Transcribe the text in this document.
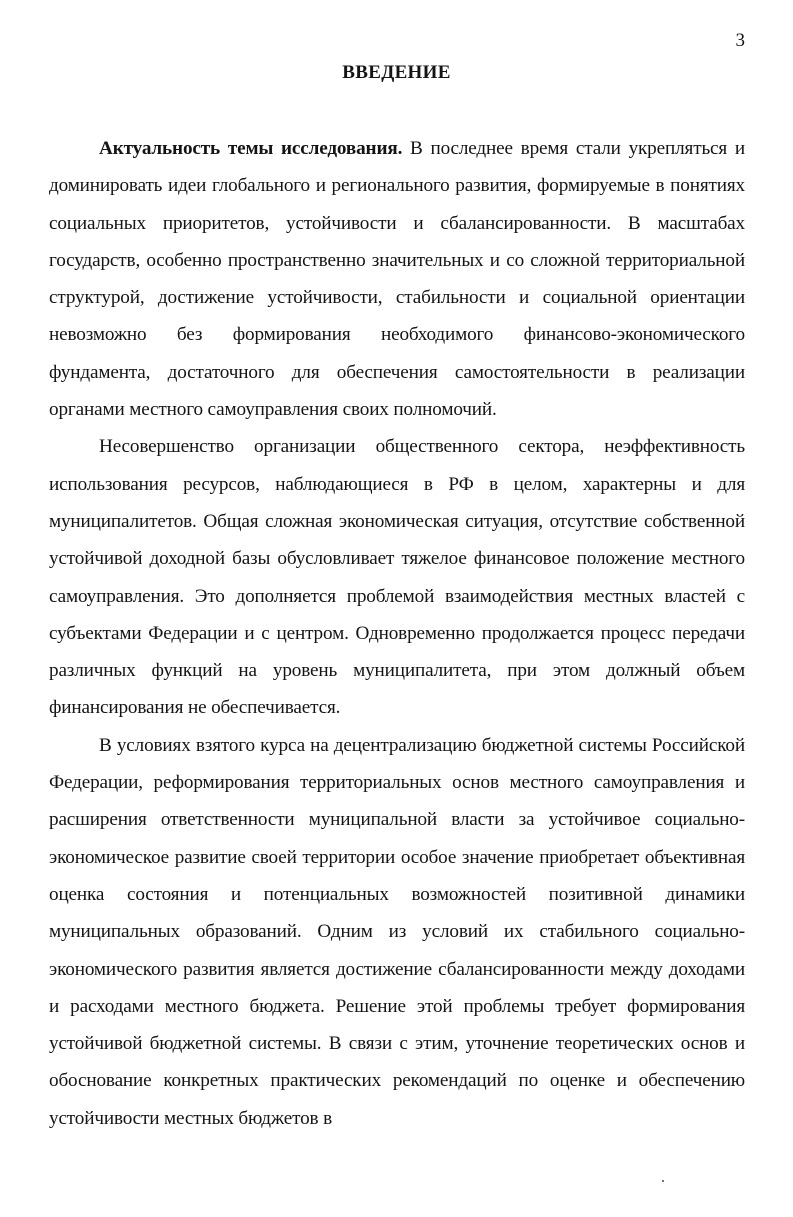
3
ВВЕДЕНИЕ

Актуальность темы исследования. В последнее время стали укрепляться и доминировать идеи глобального и регионального развития, формируемые в понятиях социальных приоритетов, устойчивости и сбалансированности. В масштабах государств, особенно пространственно значительных и со сложной территориальной структурой, достижение устойчивости, стабильности и социальной ориентации невозможно без формирования необходимого финансово-экономического фундамента, достаточного для обеспечения самостоятельности в реализации органами местного самоуправления своих полномочий.

Несовершенство организации общественного сектора, неэффективность использования ресурсов, наблюдающиеся в РФ в целом, характерны и для муниципалитетов. Общая сложная экономическая ситуация, отсутствие собственной устойчивой доходной базы обусловливает тяжелое финансовое положение местного самоуправления. Это дополняется проблемой взаимодействия местных властей с субъектами Федерации и с центром. Одновременно продолжается процесс передачи различных функций на уровень муниципалитета, при этом должный объем финансирования не обеспечивается.

В условиях взятого курса на децентрализацию бюджетной системы Российской Федерации, реформирования территориальных основ местного самоуправления и расширения ответственности муниципальной власти за устойчивое социально-экономическое развитие своей территории особое значение приобретает объективная оценка состояния и потенциальных возможностей позитивной динамики муниципальных образований. Одним из условий их стабильного социально-экономического развития является достижение сбалансированности между доходами и расходами местного бюджета. Решение этой проблемы требует формирования устойчивой бюджетной системы. В связи с этим, уточнение теоретических основ и обоснование конкретных практических рекомендаций по оценке и обеспечению устойчивости местных бюджетов в
